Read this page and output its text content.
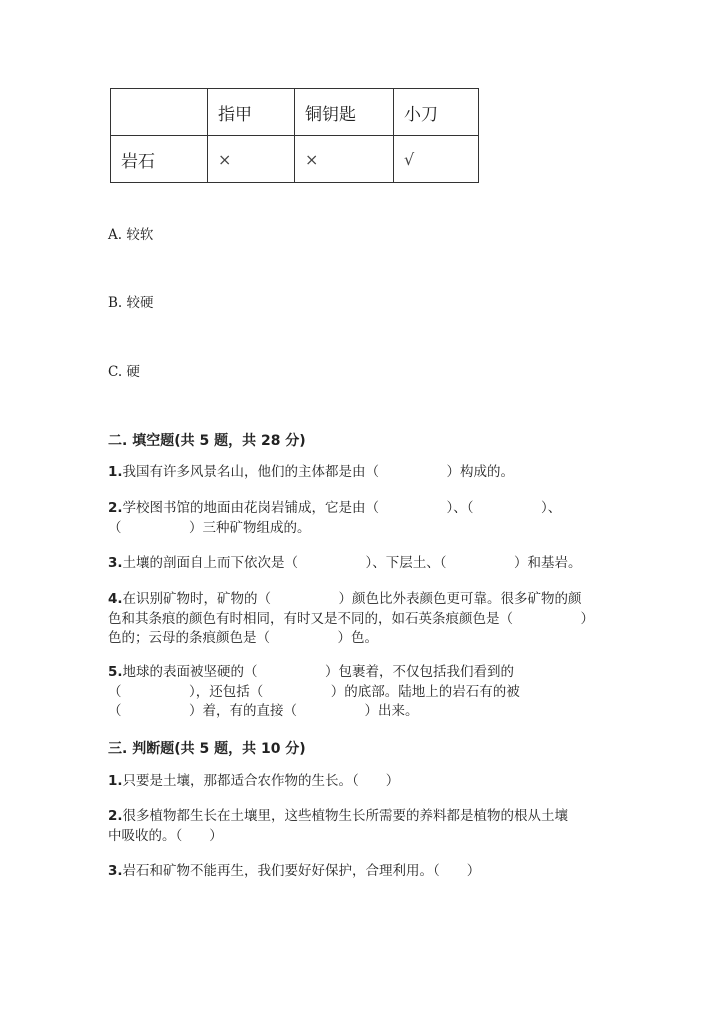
	指甲	铜钥匙	小刀
岩石	×	×	√
A. 较软
B. 较硬
C. 硬
二. 填空题(共 5 题，共 28 分)
1.我国有许多风景名山，他们的主体都是由（　　　　　）构成的。
2.学校图书馆的地面由花岗岩铺成，它是由（　　　　　）、（　　　　　）、
（　　　　　）三种矿物组成的。
3.土壤的剖面自上而下依次是（　　　　　）、下层土、（　　　　　）和基岩。
4.在识别矿物时，矿物的（　　　　　）颜色比外表颜色更可靠。很多矿物的颜
色和其条痕的颜色有时相同，有时又是不同的，如石英条痕颜色是（　　　　　）
色的；云母的条痕颜色是（　　　　　）色。
5.地球的表面被坚硬的（　　　　　）包裹着，不仅包括我们看到的
（　　　　　），还包括（　　　　　）的底部。陆地上的岩石有的被
（　　　　　）着，有的直接（　　　　　）出来。
三. 判断题(共 5 题，共 10 分)
1.只要是土壤，那都适合农作物的生长。（　　）
2.很多植物都生长在土壤里，这些植物生长所需要的养料都是植物的根从土壤
中吸收的。（　　）
3.岩石和矿物不能再生，我们要好好保护，合理利用。（　　）
